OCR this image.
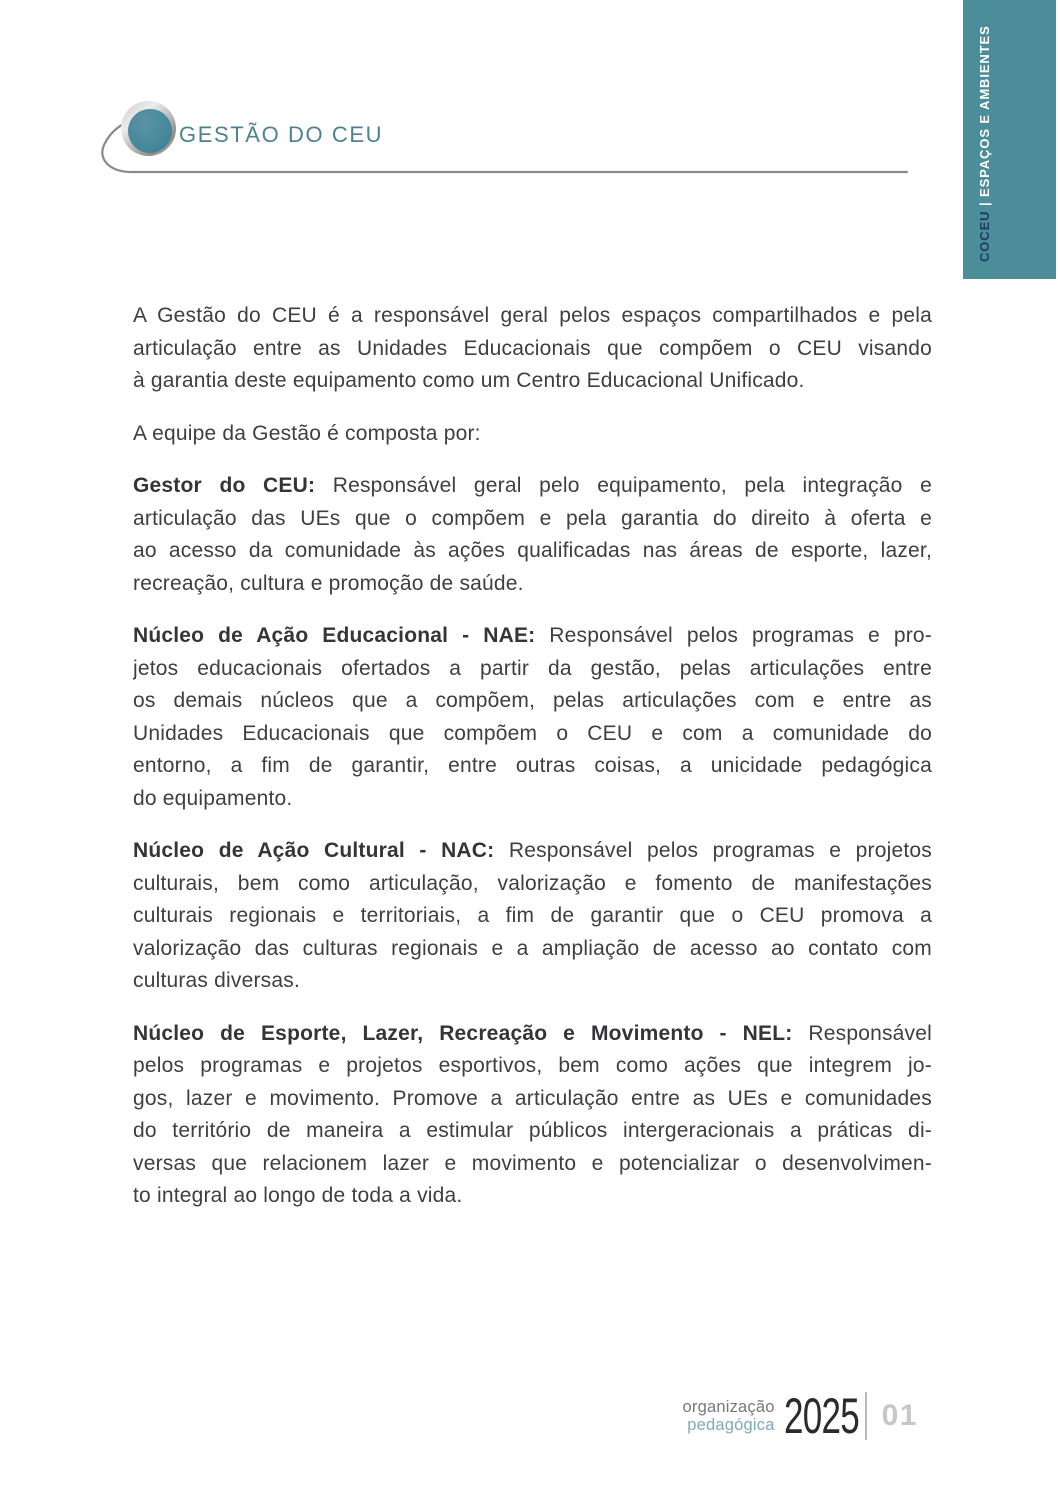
GESTÃO DO CEU
COCEU | ESPAÇOS E AMBIENTES
A Gestão do CEU é a responsável geral pelos espaços compartilhados e pela
articulação entre as Unidades Educacionais que compõem o CEU visando
à garantia deste equipamento como um Centro Educacional Unificado.
A equipe da Gestão é composta por:
Gestor do CEU: Responsável geral pelo equipamento, pela integração e
articulação das UEs que o compõem e pela garantia do direito à oferta e
ao acesso da comunidade às ações qualificadas nas áreas de esporte, lazer,
recreação, cultura e promoção de saúde.
Núcleo de Ação Educacional - NAE: Responsável pelos programas e pro-
jetos educacionais ofertados a partir da gestão, pelas articulações entre
os demais núcleos que a compõem, pelas articulações com e entre as
Unidades Educacionais que compõem o CEU e com a comunidade do
entorno, a fim de garantir, entre outras coisas, a unicidade pedagógica
do equipamento.
Núcleo de Ação Cultural - NAC: Responsável pelos programas e projetos
culturais, bem como articulação, valorização e fomento de manifestações
culturais regionais e territoriais, a fim de garantir que o CEU promova a
valorização das culturas regionais e a ampliação de acesso ao contato com
culturas diversas.
Núcleo de Esporte, Lazer, Recreação e Movimento - NEL: Responsável
pelos programas e projetos esportivos, bem como ações que integrem jo-
gos, lazer e movimento. Promove a articulação entre as UEs e comunidades
do território de maneira a estimular públicos intergeracionais a práticas di-
versas que relacionem lazer e movimento e potencializar o desenvolvimen-
to integral ao longo de toda a vida.
organização
pedagógica 2025 01
